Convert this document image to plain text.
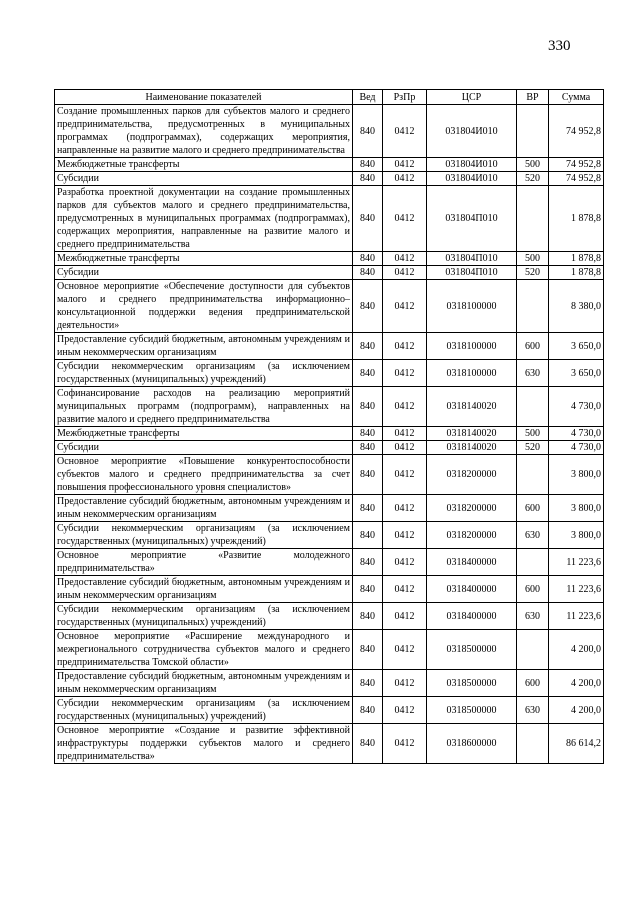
330
Наименование показателей	Вед	РзПр	ЦСР	ВР	Сумма
Создание промышленных парков для субъектов малого и среднего предпринимательства, предусмотренных в муниципальных программах (подпрограммах), содержащих мероприятия, направленные на развитие малого и среднего предпринимательства	840	0412	031804И010		74 952,8
Межбюджетные трансферты	840	0412	031804И010	500	74 952,8
Субсидии	840	0412	031804И010	520	74 952,8
Разработка проектной документации на создание промышленных парков для субъектов малого и среднего предпринимательства, предусмотренных в муниципальных программах (подпрограммах), содержащих мероприятия, направленные на развитие малого и среднего предпринимательства	840	0412	031804П010		1 878,8
Межбюджетные трансферты	840	0412	031804П010	500	1 878,8
Субсидии	840	0412	031804П010	520	1 878,8
Основное мероприятие «Обеспечение доступности для субъектов малого и среднего предпринимательства информационно–консультационной поддержки ведения предпринимательской деятельности»	840	0412	0318100000		8 380,0
Предоставление субсидий бюджетным, автономным учреждениям и иным некоммерческим организациям	840	0412	0318100000	600	3 650,0
Субсидии некоммерческим организациям (за исключением государственных (муниципальных) учреждений)	840	0412	0318100000	630	3 650,0
Софинансирование расходов на реализацию мероприятий муниципальных программ (подпрограмм), направленных на развитие малого и среднего предпринимательства	840	0412	0318140020		4 730,0
Межбюджетные трансферты	840	0412	0318140020	500	4 730,0
Субсидии	840	0412	0318140020	520	4 730,0
Основное мероприятие «Повышение конкурентоспособности субъектов малого и среднего предпринимательства за счет повышения профессионального уровня специалистов»	840	0412	0318200000		3 800,0
Предоставление субсидий бюджетным, автономным учреждениям и иным некоммерческим организациям	840	0412	0318200000	600	3 800,0
Субсидии некоммерческим организациям (за исключением государственных (муниципальных) учреждений)	840	0412	0318200000	630	3 800,0
Основное мероприятие «Развитие молодежного предпринимательства»	840	0412	0318400000		11 223,6
Предоставление субсидий бюджетным, автономным учреждениям и иным некоммерческим организациям	840	0412	0318400000	600	11 223,6
Субсидии некоммерческим организациям (за исключением государственных (муниципальных) учреждений)	840	0412	0318400000	630	11 223,6
Основное мероприятие «Расширение международного и межрегионального сотрудничества субъектов малого и среднего предпринимательства Томской области»	840	0412	0318500000		4 200,0
Предоставление субсидий бюджетным, автономным учреждениям и иным некоммерческим организациям	840	0412	0318500000	600	4 200,0
Субсидии некоммерческим организациям (за исключением государственных (муниципальных) учреждений)	840	0412	0318500000	630	4 200,0
Основное мероприятие «Создание и развитие эффективной инфраструктуры поддержки субъектов малого и среднего предпринимательства»	840	0412	0318600000		86 614,2
